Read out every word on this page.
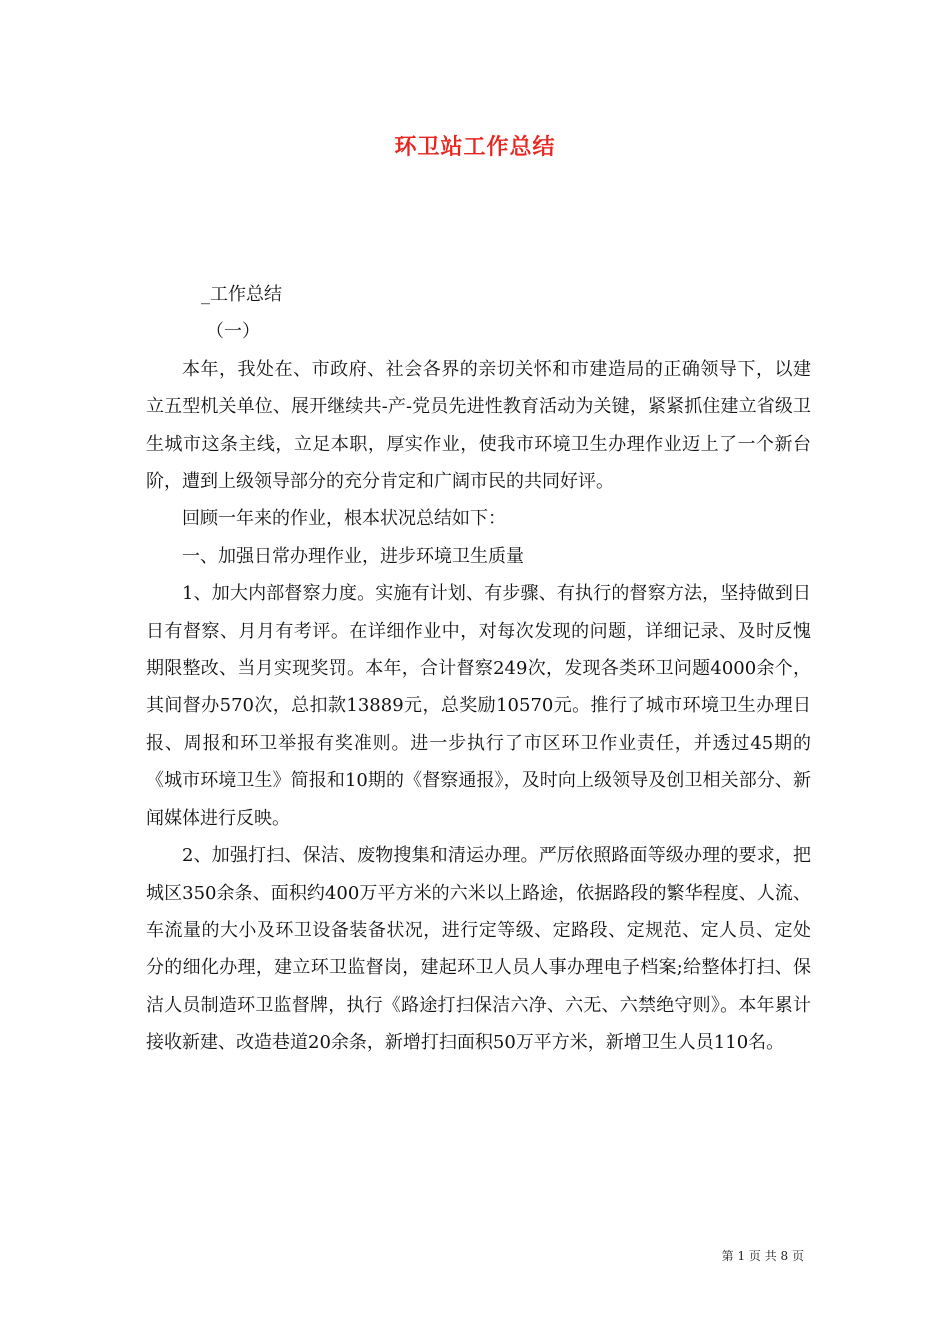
环卫站工作总结

_工作总结

（一）

本年，我处在、市政府、社会各界的亲切关怀和市建造局的正确领导下，以建立五型机关单位、展开继续共-产-党员先进性教育活动为关键，紧紧抓住建立省级卫生城市这条主线，立足本职，厚实作业，使我市环境卫生办理作业迈上了一个新台阶，遭到上级领导部分的充分肯定和广阔市民的共同好评。

回顾一年来的作业，根本状况总结如下：

一、加强日常办理作业，进步环境卫生质量

1、加大内部督察力度。实施有计划、有步骤、有执行的督察方法，坚持做到日日有督察、月月有考评。在详细作业中，对每次发现的问题，详细记录、及时反愧期限整改、当月实现奖罚。本年，合计督察249次，发现各类环卫问题4000余个，其间督办570次，总扣款13889元，总奖励10570元。推行了城市环境卫生办理日报、周报和环卫举报有奖准则。进一步执行了市区环卫作业责任，并透过45期的《城市环境卫生》简报和10期的《督察通报》，及时向上级领导及创卫相关部分、新闻媒体进行反映。

2、加强打扫、保洁、废物搜集和清运办理。严厉依照路面等级办理的要求，把城区350余条、面积约400万平方米的六米以上路途，依据路段的繁华程度、人流、车流量的大小及环卫设备装备状况，进行定等级、定路段、定规范、定人员、定处分的细化办理，建立环卫监督岗，建起环卫人员人事办理电子档案;给整体打扫、保洁人员制造环卫监督牌，执行《路途打扫保洁六净、六无、六禁绝守则》。本年累计接收新建、改造巷道20余条，新增打扫面积50万平方米，新增卫生人员110名。

第 1 页 共 8 页
